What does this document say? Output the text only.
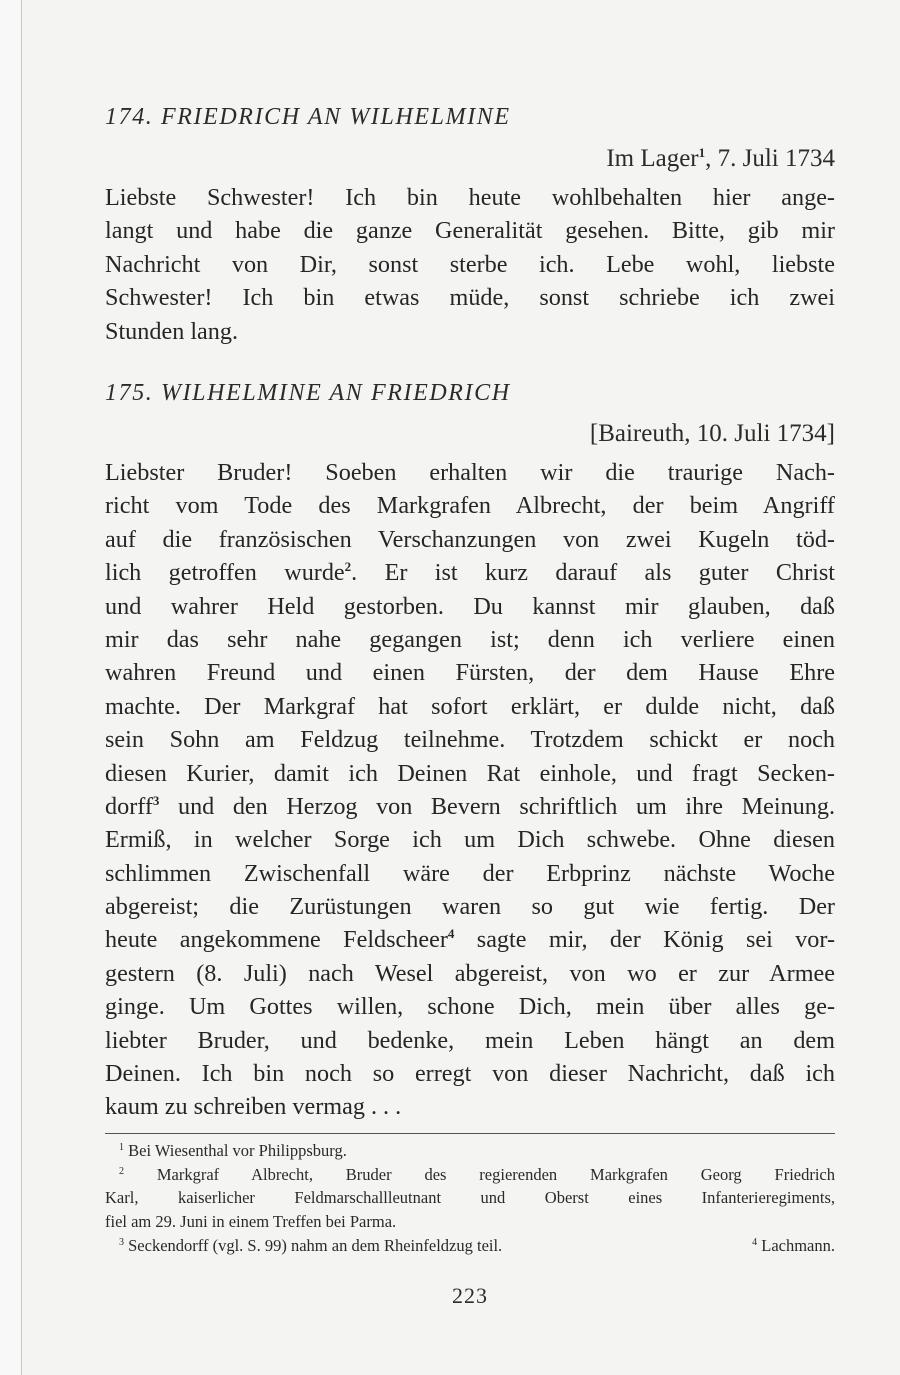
174. FRIEDRICH AN WILHELMINE
Im Lager$^1$, 7. Juli 1734
Liebste Schwester! Ich bin heute wohlbehalten hier ange-
langt und habe die ganze Generalität gesehen. Bitte, gib mir
Nachricht von Dir, sonst sterbe ich. Lebe wohl, liebste
Schwester! Ich bin etwas müde, sonst schriebe ich zwei
Stunden lang.
175. WILHELMINE AN FRIEDRICH
[Baireuth, 10. Juli 1734]
Liebster Bruder! Soeben erhalten wir die traurige Nach-
richt vom Tode des Markgrafen Albrecht, der beim Angriff
auf die französischen Verschanzungen von zwei Kugeln töd-
lich getroffen wurde$^2$. Er ist kurz darauf als guter Christ
und wahrer Held gestorben. Du kannst mir glauben, daß
mir das sehr nahe gegangen ist; denn ich verliere einen
wahren Freund und einen Fürsten, der dem Hause Ehre
machte. Der Markgraf hat sofort erklärt, er dulde nicht, daß
sein Sohn am Feldzug teilnehme. Trotzdem schickt er noch
diesen Kurier, damit ich Deinen Rat einhole, und fragt Secken-
dorff$^3$ und den Herzog von Bevern schriftlich um ihre Meinung.
Ermiß, in welcher Sorge ich um Dich schwebe. Ohne diesen
schlimmen Zwischenfall wäre der Erbprinz nächste Woche
abgereist; die Zurüstungen waren so gut wie fertig. Der
heute angekommene Feldscheer$^4$ sagte mir, der König sei vor-
gestern (8. Juli) nach Wesel abgereist, von wo er zur Armee
ginge. Um Gottes willen, schone Dich, mein über alles ge-
liebter Bruder, und bedenke, mein Leben hängt an dem
Deinen. Ich bin noch so erregt von dieser Nachricht, daß ich
kaum zu schreiben vermag . . .
$^1$ Bei Wiesenthal vor Philippsburg.
$^2$ Markgraf Albrecht, Bruder des regierenden Markgrafen Georg Friedrich
Karl, kaiserlicher Feldmarschallleutnant und Oberst eines Infanterieregiments,
fiel am 29. Juni in einem Treffen bei Parma.
$^3$ Seckendorff (vgl. S. 99) nahm an dem Rheinfeldzug teil.	$^4$ Lachmann.
223
